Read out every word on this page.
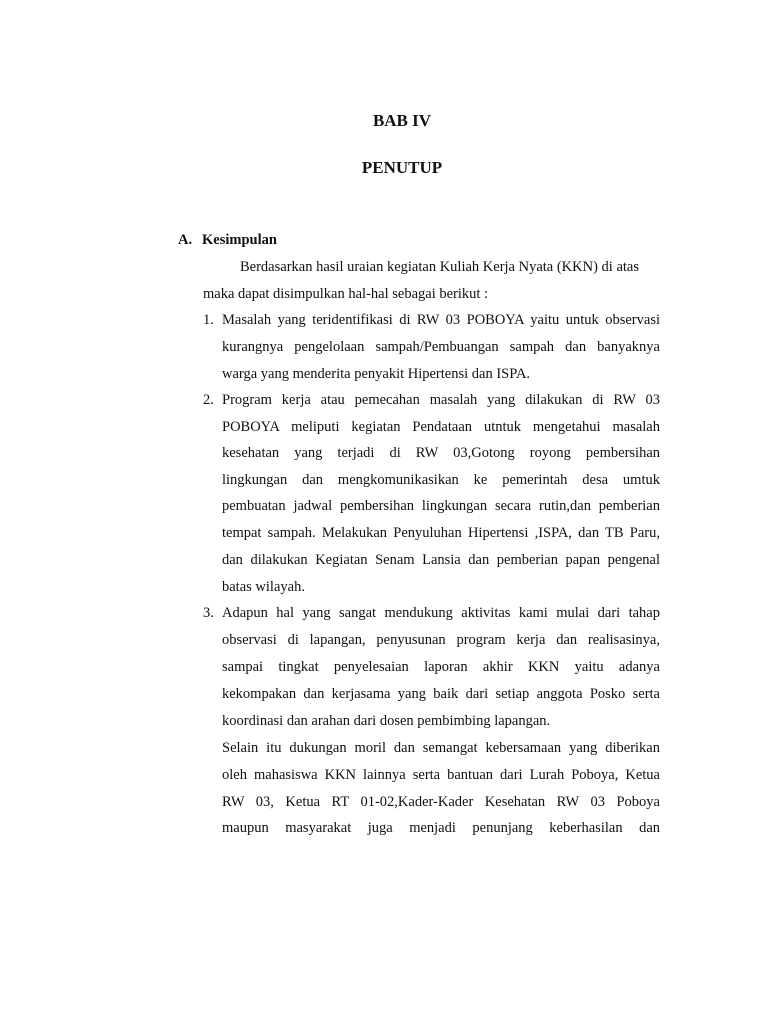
BAB IV
PENUTUP
A. Kesimpulan
Berdasarkan hasil uraian kegiatan Kuliah Kerja Nyata (KKN) di atas
maka dapat disimpulkan hal-hal sebagai berikut :
1. Masalah yang teridentifikasi di RW 03 POBOYA yaitu untuk observasi
kurangnya pengelolaan sampah/Pembuangan sampah dan banyaknya
warga yang menderita penyakit Hipertensi dan ISPA.
2. Program kerja atau pemecahan masalah yang dilakukan di RW 03
POBOYA meliputi kegiatan Pendataan utntuk mengetahui masalah
kesehatan yang terjadi di RW 03,Gotong royong pembersihan
lingkungan dan mengkomunikasikan ke pemerintah desa umtuk
pembuatan jadwal pembersihan lingkungan secara rutin,dan pemberian
tempat sampah. Melakukan Penyuluhan Hipertensi ,ISPA, dan TB Paru,
dan dilakukan Kegiatan Senam Lansia dan pemberian papan pengenal
batas wilayah.
3. Adapun hal yang sangat mendukung aktivitas kami mulai dari tahap
observasi di lapangan, penyusunan program kerja dan realisasinya,
sampai tingkat penyelesaian laporan akhir KKN yaitu adanya
kekompakan dan kerjasama yang baik dari setiap anggota Posko serta
koordinasi dan arahan dari dosen pembimbing lapangan.
Selain itu dukungan moril dan semangat kebersamaan yang diberikan
oleh mahasiswa KKN lainnya serta bantuan dari Lurah Poboya, Ketua
RW 03, Ketua RT 01-02,Kader-Kader Kesehatan RW 03 Poboya
maupun masyarakat juga menjadi penunjang keberhasilan dan
